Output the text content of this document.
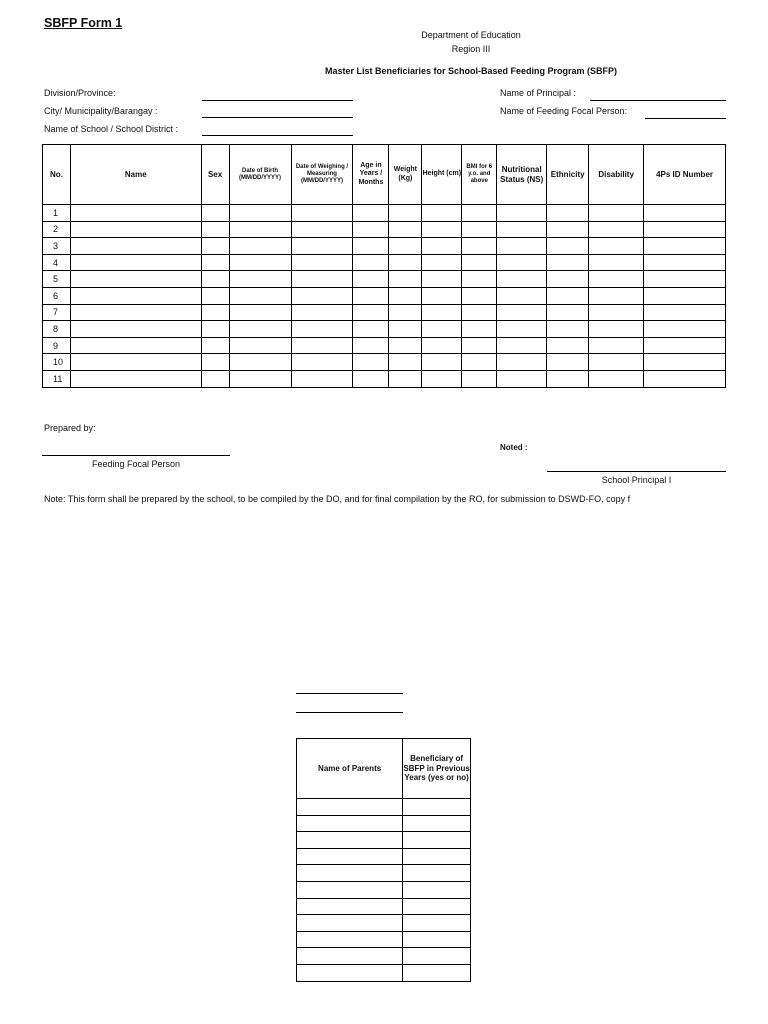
SBFP Form 1
Department of Education
Region III
Master List Beneficiaries for School-Based Feeding Program (SBFP)
Division/Province:
City/ Municipality/Barangay :
Name of School / School District :
Name of Principal :
Name of Feeding Focal Person:
No.	Name	Sex	Date of Birth (MM/DD/YYYY)	Date of Weighing / Measuring (MM/DD/YYYY)	Age in Years / Months	Weight (Kg)	Height (cm)	BMI for 6 y.o. and above	Nutritional Status (NS)	Ethnicity	Disability	4Ps ID Number
1												
2												
3												
4												
5												
6												
7												
8												
9												
10												
11												
Prepared by:
Feeding Focal Person
Noted :
School Principal I
Note: This form shall be prepared by the school, to be compiled by the DO, and for final compilation by the RO, for submission to DSWD-FO, copy f
Name of Parents	Beneficiary of SBFP in Previous Years (yes or no)
